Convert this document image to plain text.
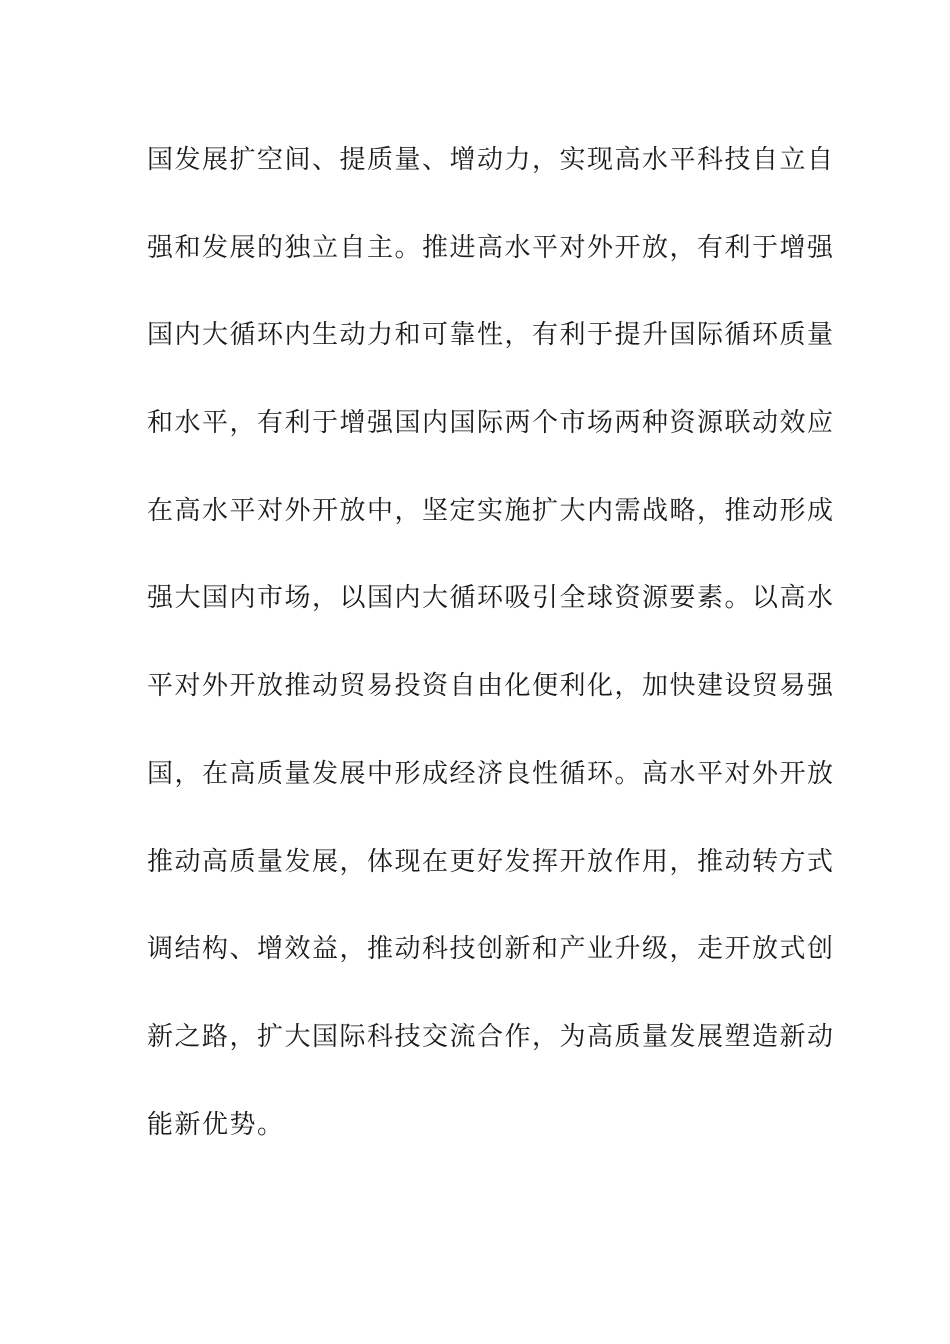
国发展扩空间、提质量、增动力，实现高水平科技自立自
强和发展的独立自主。推进高水平对外开放，有利于增强
国内大循环内生动力和可靠性，有利于提升国际循环质量
和水平，有利于增强国内国际两个市场两种资源联动效应
在高水平对外开放中，坚定实施扩大内需战略，推动形成
强大国内市场，以国内大循环吸引全球资源要素。以高水
平对外开放推动贸易投资自由化便利化，加快建设贸易强
国，在高质量发展中形成经济良性循环。高水平对外开放
推动高质量发展，体现在更好发挥开放作用，推动转方式
调结构、增效益，推动科技创新和产业升级，走开放式创
新之路，扩大国际科技交流合作，为高质量发展塑造新动
能新优势。
